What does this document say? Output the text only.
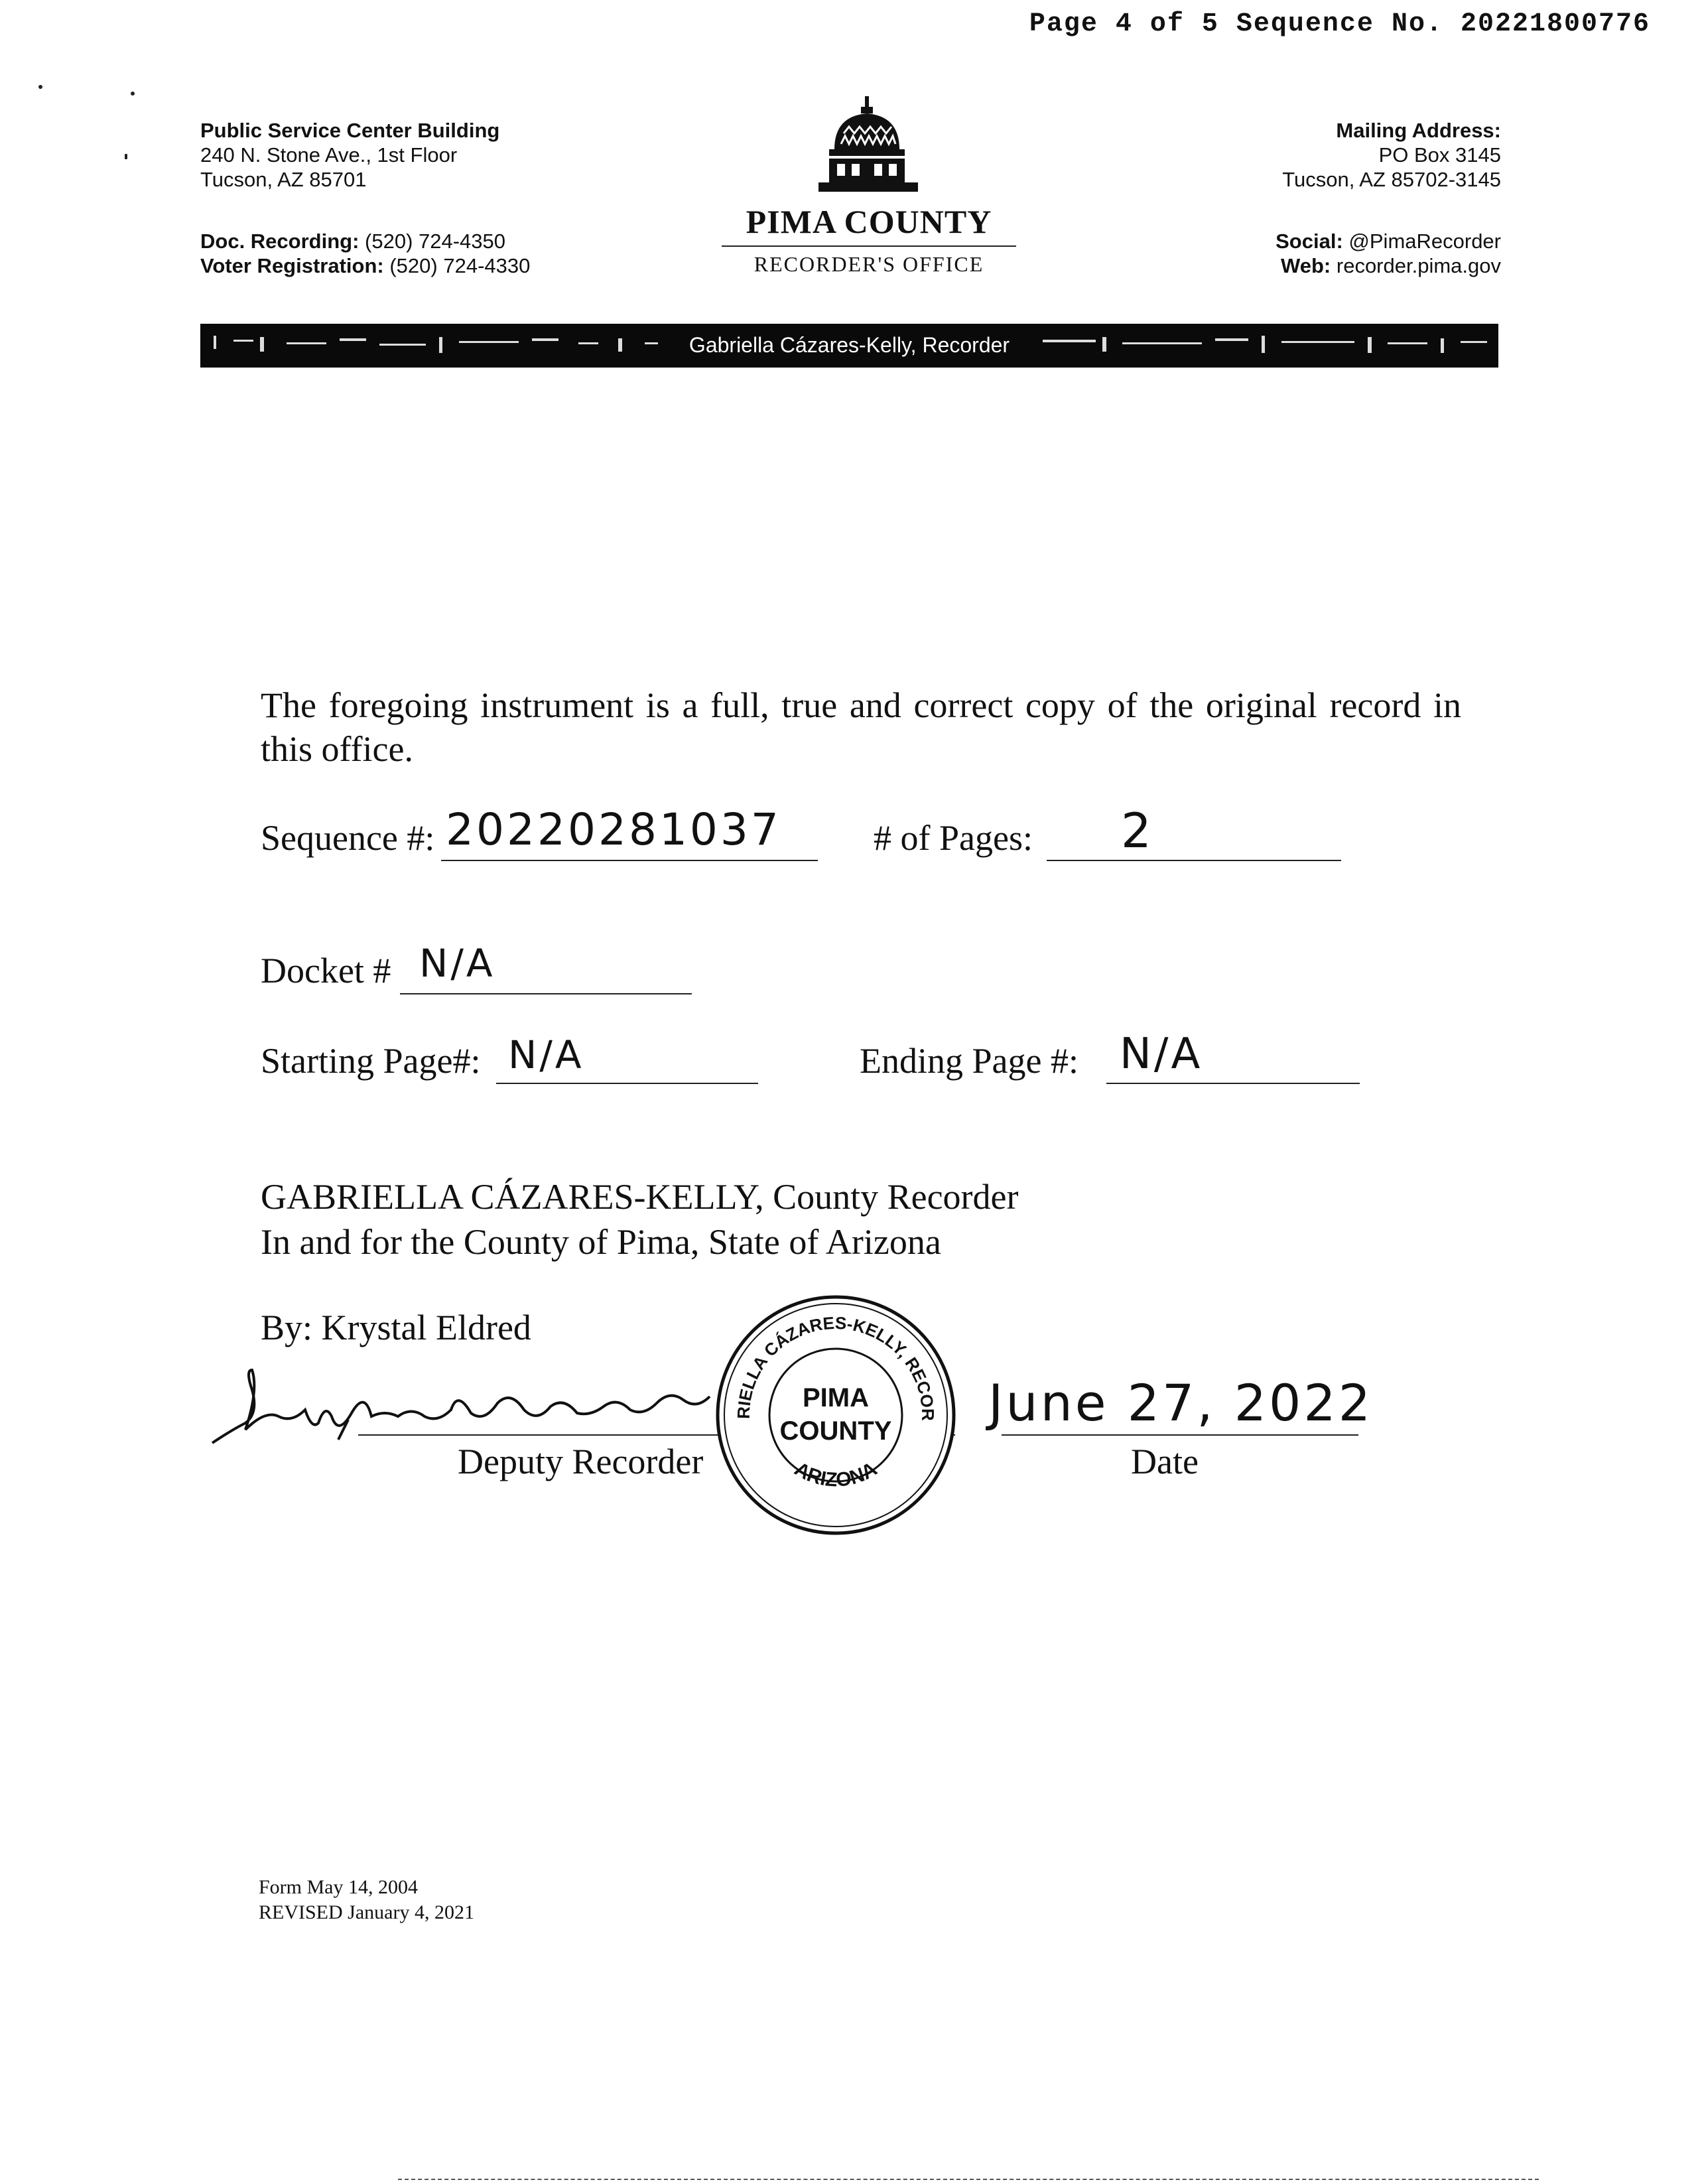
Page 4 of 5 Sequence No. 20221800776
Public Service Center Building
240 N. Stone Ave., 1st Floor
Tucson, AZ 85701
Doc. Recording: (520) 724-4350
Voter Registration: (520) 724-4330
PIMA COUNTY
RECORDER'S OFFICE
Mailing Address:
PO Box 3145
Tucson, AZ 85702-3145
Social: @PimaRecorder
Web: recorder.pima.gov
Gabriella Cázares-Kelly, Recorder
The foregoing instrument is a full, true and correct copy of the original record in this office.
Sequence #: 20220281037	# of Pages: 2
Docket # N/A
Starting Page#: N/A	Ending Page #: N/A
GABRIELLA CÁZARES-KELLY, County Recorder
In and for the County of Pima, State of Arizona
By: Krystal Eldred
Deputy Recorder
RIELLA CÁZARES-KELLY, RECOR
PIMA
COUNTY
ARIZONA
June 27, 2022
Date
Form May 14, 2004
REVISED January 4, 2021
